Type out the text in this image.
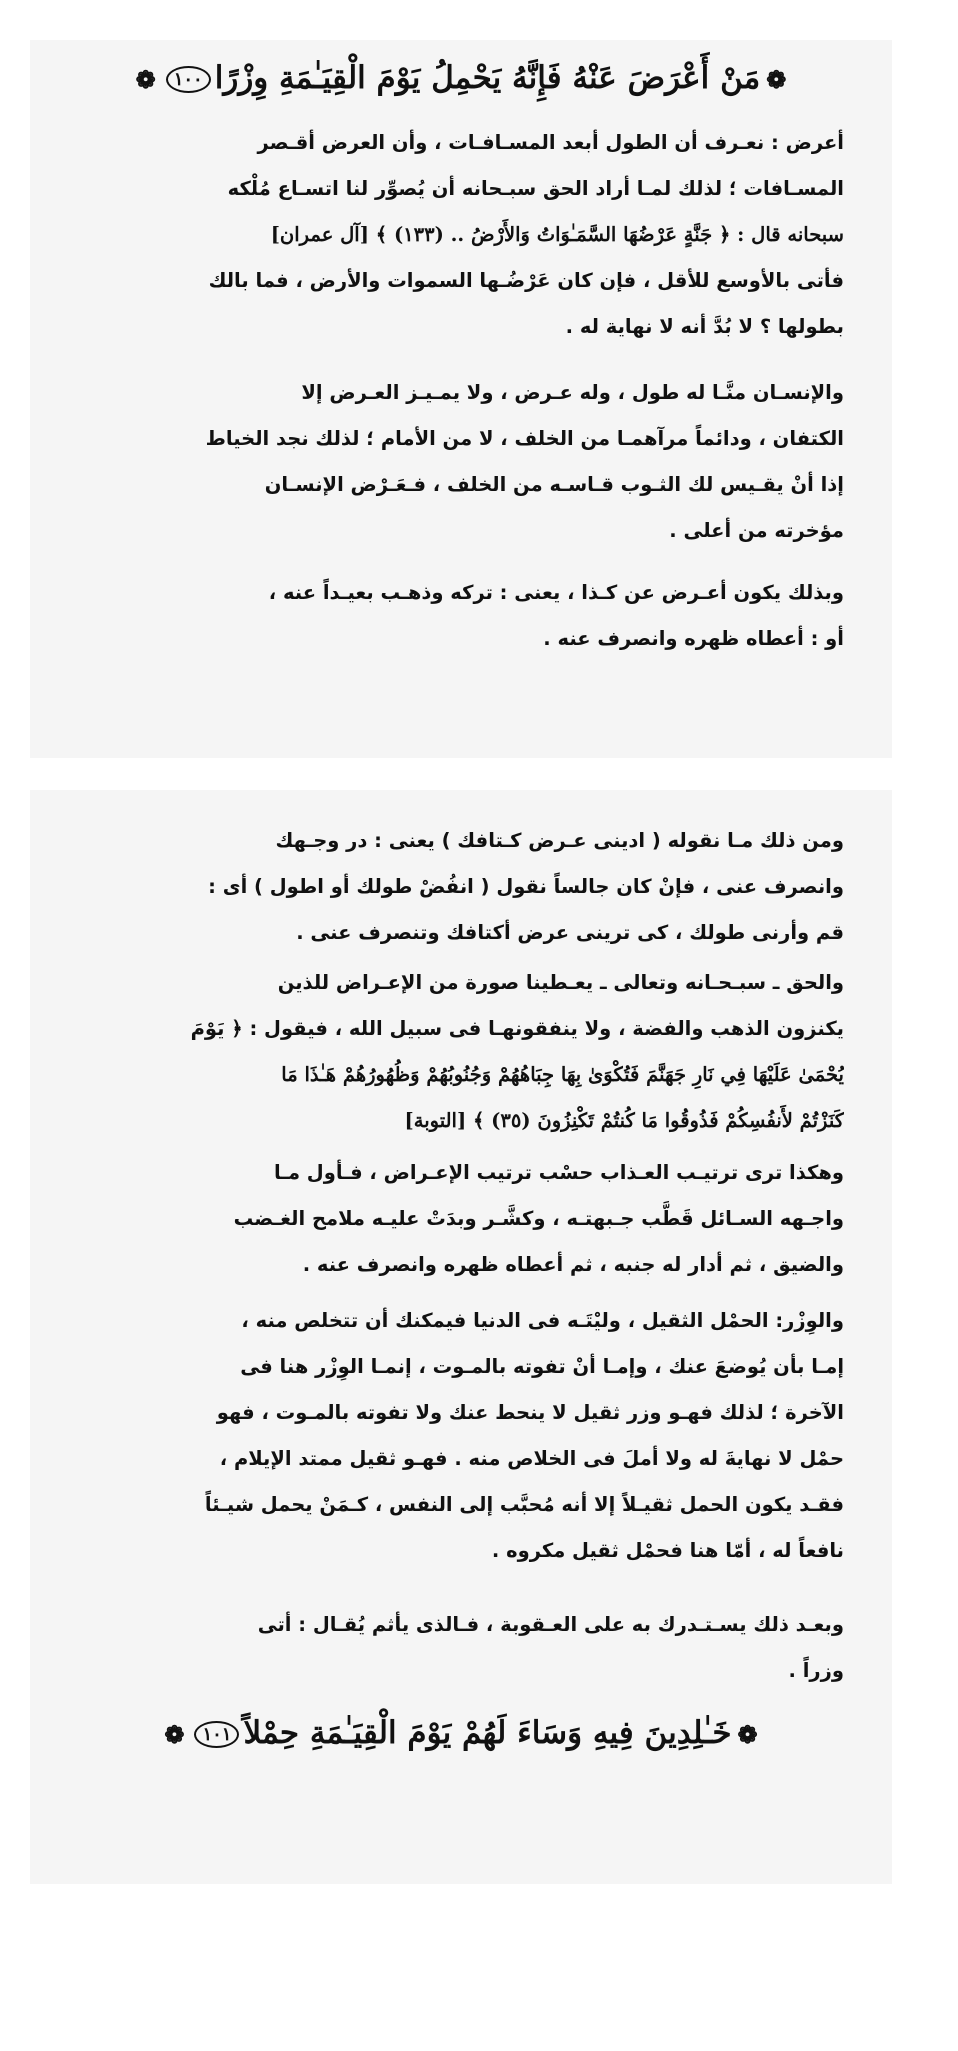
❁مَنْ أَعْرَضَ عَنْهُ فَإِنَّهُ يَحْمِلُ يَوْمَ الْقِيَـٰمَةِ وِزْرًا١٠٠❁
أعرض : نعـرف أن الطول أبعد المسـافـات ، وأن العرض أقـصر
المسـافات ؛ لذلك لمـا أراد الحق سبـحانه أن يُصوِّر لنا اتسـاع مُلْكه
سبحانه قال : ﴿ جَنَّةٍ عَرْضُهَا السَّمَـٰوَاتُ وَالأَرْضُ .. (١٣٣) ﴾ [آل عمران]
فأتى بالأوسع للأقل ، فإن كان عَرْضُـها السموات والأرض ، فما بالك
بطولها ؟ لا بُدَّ أنه لا نهاية له .
والإنسـان منَّـا له طول ، وله عـرض ، ولا يمـيـز العـرض إلا
الكتفان ، ودائماً مرآهمـا من الخلف ، لا من الأمام ؛ لذلك نجد الخياط
إذا أنْ يقـيس لك الثـوب قـاسـه من الخلف ، فـعَـرْض الإنسـان
مؤخرته من أعلى .
وبذلك يكون أعـرض عن كـذا ، يعنى : تركه وذهـب بعيـداً عنه ،
أو : أعطاه ظهره وانصرف عنه .
ومن ذلك مـا نقوله ( ادينى عـرض كـتافك ) يعنى : در وجـهك
وانصرف عنى ، فإنْ كان جالساً نقول ( انفُضْ طولك أو اطول ) أى :
قم وأرنى طولك ، كى ترينى عرض أكتافك وتنصرف عنى .
والحق ـ سبـحـانه وتعالى ـ يعـطينا صورة من الإعـراض للذين
يكنزون الذهب والفضة ، ولا ينفقونهـا فى سبيل الله ، فيقول : ﴿ يَوْمَ
يُحْمَىٰ عَلَيْهَا فِي نَارِ جَهَنَّمَ فَتُكْوَىٰ بِهَا جِبَاهُهُمْ وَجُنُوبُهُمْ وَظُهُورُهُمْ هَـٰذَا مَا
كَنَزْتُمْ لأَنفُسِكُمْ فَذُوقُوا مَا كُنتُمْ تَكْنِزُونَ (٣٥) ﴾ [التوبة]
وهكذا ترى ترتيـب العـذاب حسْب ترتيب الإعـراض ، فـأول مـا
واجـهه السـائل قَطَّب جـبهتـه ، وكشَّـر وبدَتْ عليـه ملامح الغـضب
والضيق ، ثم أدار له جنبه ، ثم أعطاه ظهره وانصرف عنه .
والوِزْر: الحمْل الثقيل ، وليْتَـه فى الدنيا فيمكنك أن تتخلص منه ،
إمـا بأن يُوضعَ عنك ، وإمـا أنْ تفوته بالمـوت ، إنمـا الوِزْر هنا فى
الآخرة ؛ لذلك فهـو وزر ثقيل لا ينحط عنك ولا تفوته بالمـوت ، فهو
حمْل لا نهايةَ له ولا أملَ فى الخلاص منه . فهـو ثقيل ممتد الإيلام ،
فقـد يكون الحمل ثقيـلاً إلا أنه مُحبَّب إلى النفس ، كـمَنْ يحمل شيـئاً
نافعاً له ، أمّا هنا فحمْل ثقيل مكروه .
وبعـد ذلك يسـتـدرك به على العـقوبة ، فـالذى يأثم يُقـال : أتى
وزراً .
❁خَـٰلِدِينَ فِيهِ وَسَاءَ لَهُمْ يَوْمَ الْقِيَـٰمَةِ حِمْلاً١٠١❁
